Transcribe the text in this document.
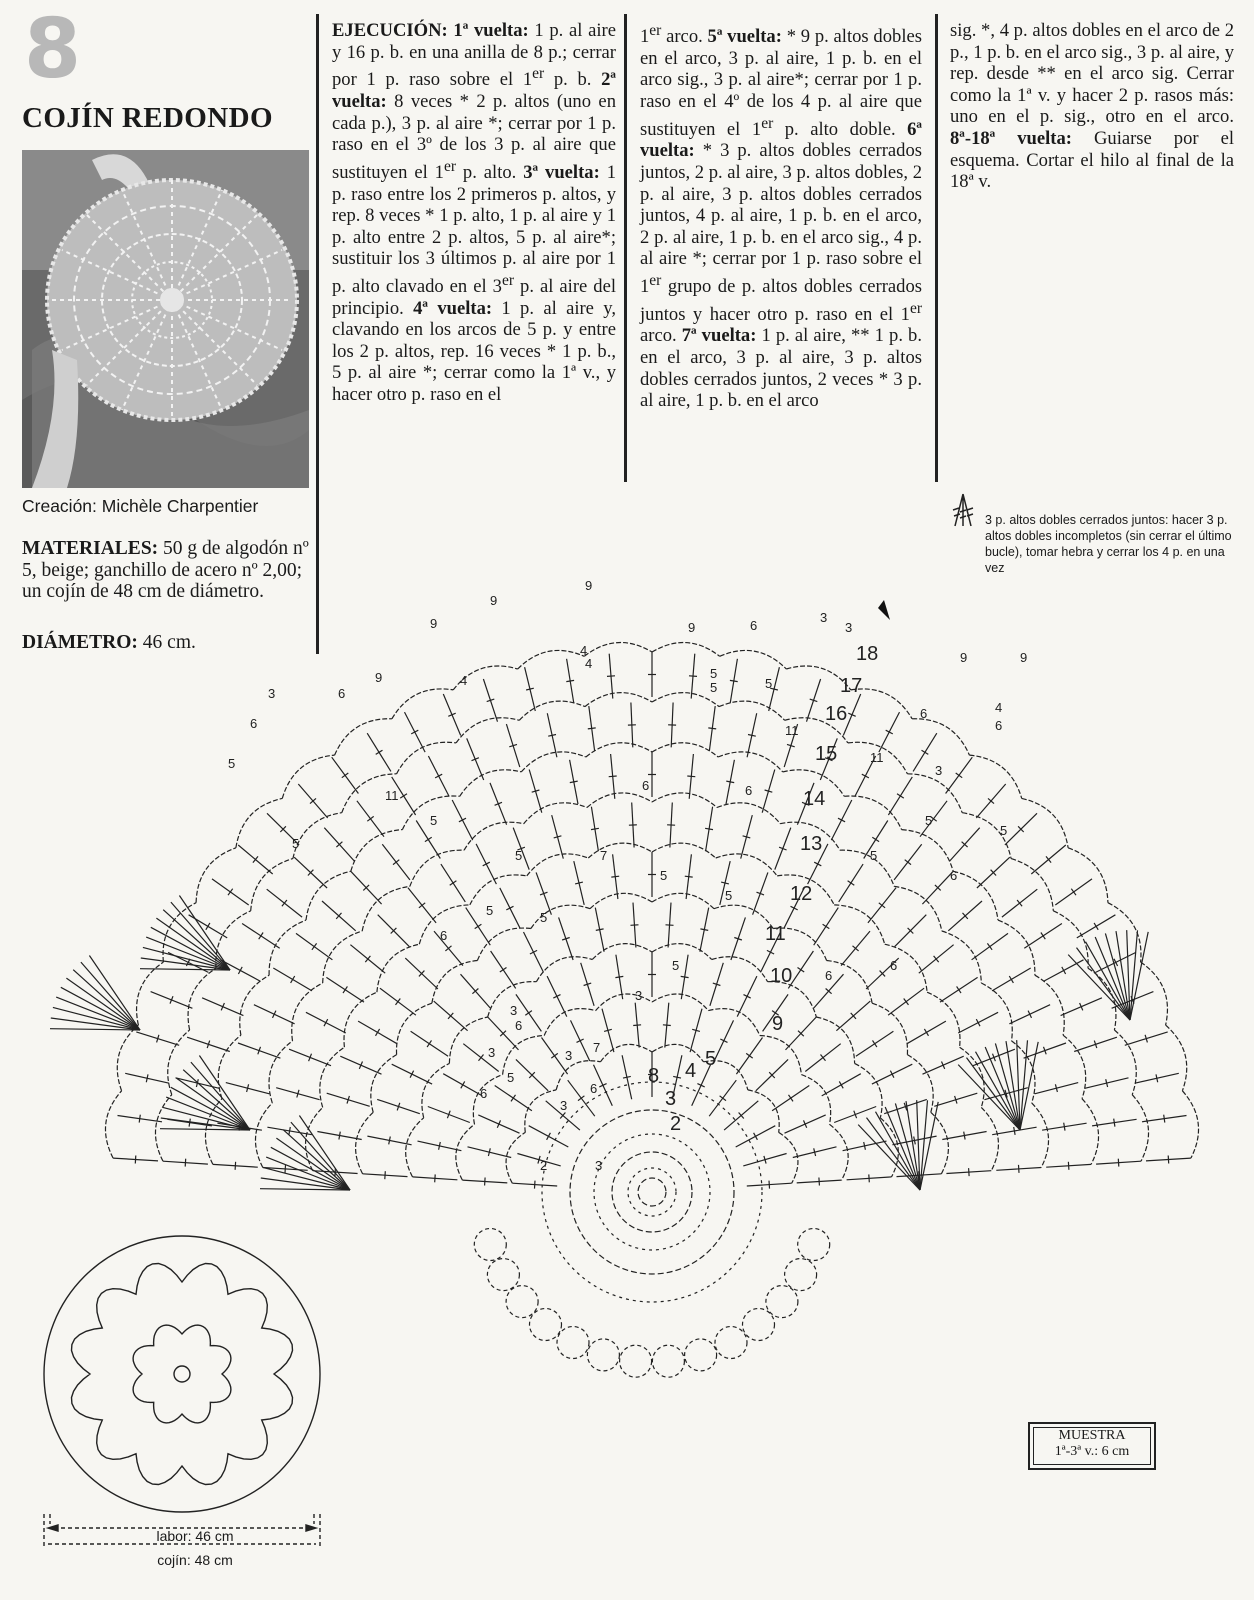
8
COJÍN REDONDO
Creación: Michèle Charpentier
MATERIALES: 50 g de algodón nº 5, beige; ganchillo de acero nº 2,00; un cojín de 48 cm de diámetro.
DIÁMETRO: 46 cm.
EJECUCIÓN: 1ª vuelta: 1 p. al aire y 16 p. b. en una anilla de 8 p.; cerrar por 1 p. raso sobre el 1er p. b. 2ª vuelta: 8 veces * 2 p. altos (uno en cada p.), 3 p. al aire *; cerrar por 1 p. raso en el 3º de los 3 p. al aire que sustituyen el 1er p. alto. 3ª vuelta: 1 p. raso entre los 2 primeros p. altos, y rep. 8 veces * 1 p. alto, 1 p. al aire y 1 p. alto entre 2 p. altos, 5 p. al aire*; sustituir los 3 últimos p. al aire por 1 p. alto clavado en el 3er p. al aire del principio. 4ª vuelta: 1 p. al aire y, clavando en los arcos de 5 p. y entre los 2 p. altos, rep. 16 veces * 1 p. b., 5 p. al aire *; cerrar como la 1ª v., y hacer otro p. raso en el
1er arco. 5ª vuelta: * 9 p. altos dobles en el arco, 3 p. al aire, 1 p. b. en el arco sig., 3 p. al aire*; cerrar por 1 p. raso en el 4º de los 4 p. al aire que sustituyen el 1er p. alto doble. 6ª vuelta: * 3 p. altos dobles cerrados juntos, 2 p. al aire, 3 p. altos dobles, 2 p. al aire, 3 p. altos dobles cerrados juntos, 4 p. al aire, 1 p. b. en el arco, 2 p. al aire, 1 p. b. en el arco sig., 4 p. al aire *; cerrar por 1 p. raso sobre el 1er grupo de p. altos dobles cerrados juntos y hacer otro p. raso en el 1er arco. 7ª vuelta: 1 p. al aire, ** 1 p. b. en el arco, 3 p. al aire, 3 p. altos dobles cerrados juntos, 2 veces * 3 p. al aire, 1 p. b. en el arco
sig. *, 4 p. altos dobles en el arco de 2 p., 1 p. b. en el arco sig., 3 p. al aire, y rep. desde ** en el arco sig. Cerrar como la 1ª v. y hacer 2 p. rasos más: uno en el p. sig., otro en el arco. 8ª-18ª vuelta: Guiarse por el esquema. Cortar el hilo al final de la 18ª v.
3 p. altos dobles cerrados juntos: hacer 3 p. altos dobles incompletos (sin cerrar el último bucle), tomar hebra y cerrar los 4 p. en una vez
2
3
4
5
8
9
10
11
12
13
14
15
16
17
18
9
9
9
9
6
3
3
6
3
6
5
5	5
4
4
11
11
5
11
3
6
5
5
7
6	6
7
5
5
6
5
6
5
5
6
6
6
5
9	9
9
5
4
6	4
5
5
6
5
6
3
3
3
3
2
3
3
labor: 46 cm
cojín: 48 cm
MUESTRA
1ª-3ª v.: 6 cm
